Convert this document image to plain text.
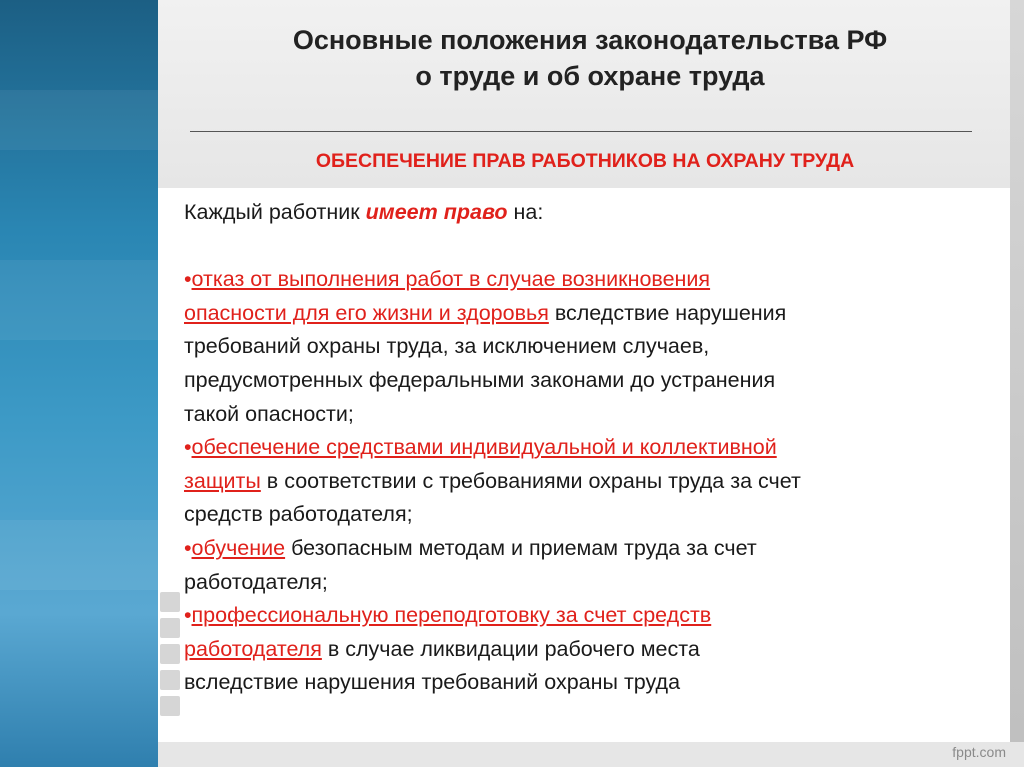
Основные положения законодательства РФ
о труде и об охране труда
ОБЕСПЕЧЕНИЕ ПРАВ РАБОТНИКОВ НА ОХРАНУ ТРУДА

Каждый работник имеет право на:

•отказ от выполнения работ в случае возникновения

опасности для его жизни и здоровья вследствие нарушения

требований охраны труда, за исключением случаев,

предусмотренных федеральными законами до устранения

такой опасности;

•обеспечение средствами индивидуальной и коллективной

защиты в соответствии с требованиями охраны труда за счет

средств работодателя;

•обучение безопасным методам и приемам труда за счет

работодателя;

•профессиональную переподготовку за счет средств

работодателя в случае ликвидации рабочего места

вследствие нарушения требований охраны труда

fppt.com
